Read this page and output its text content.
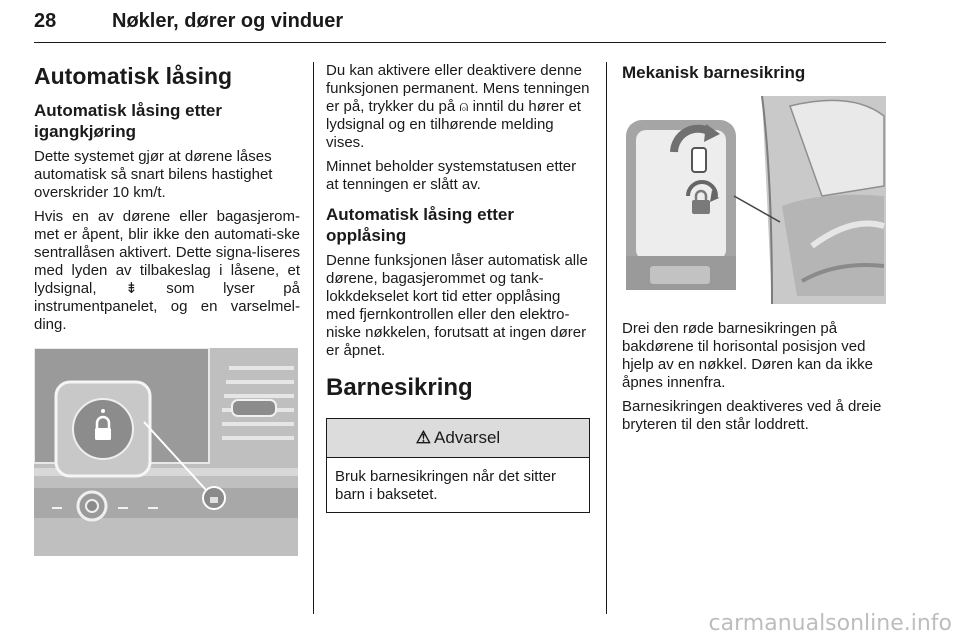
28	Nøkler, dører og vinduer
Automatisk låsing
Automatisk låsing etter igangkjøring

Dette systemet gjør at dørene låses automatisk så snart bilens hastighet overskrider 10 km/t.

Hvis en av dørene eller bagasjerom-met er åpent, blir ikke den automati-ske sentrallåsen aktivert. Dette signa-liseres med lyden av tilbakeslag i låsene, et lydsignal, ⇟ som lyser på instrumentpanelet, og en varselmel-ding.

Du kan aktivere eller deaktivere denne funksjonen permanent. Mens tenningen er på, trykker du på ⍝ inntil du hører et lydsignal og en tilhørende melding vises.

Minnet beholder systemstatusen etter at tenningen er slått av.

Automatisk låsing etter opplåsing

Denne funksjonen låser automatisk alle dørene, bagasjerommet og tank-lokkdekselet kort tid etter opplåsing med fjernkontrollen eller den elektro-niske nøkkelen, forutsatt at ingen dører er åpnet.

Barnesikring
⚠ Advarsel

Bruk barnesikringen når det sitter barn i baksetet.

Mekanisk barnesikring

Drei den røde barnesikringen på bakdørene til horisontal posisjon ved hjelp av en nøkkel. Døren kan da ikke åpnes innenfra.

Barnesikringen deaktiveres ved å dreie bryteren til den står loddrett.

carmanualsonline.info
